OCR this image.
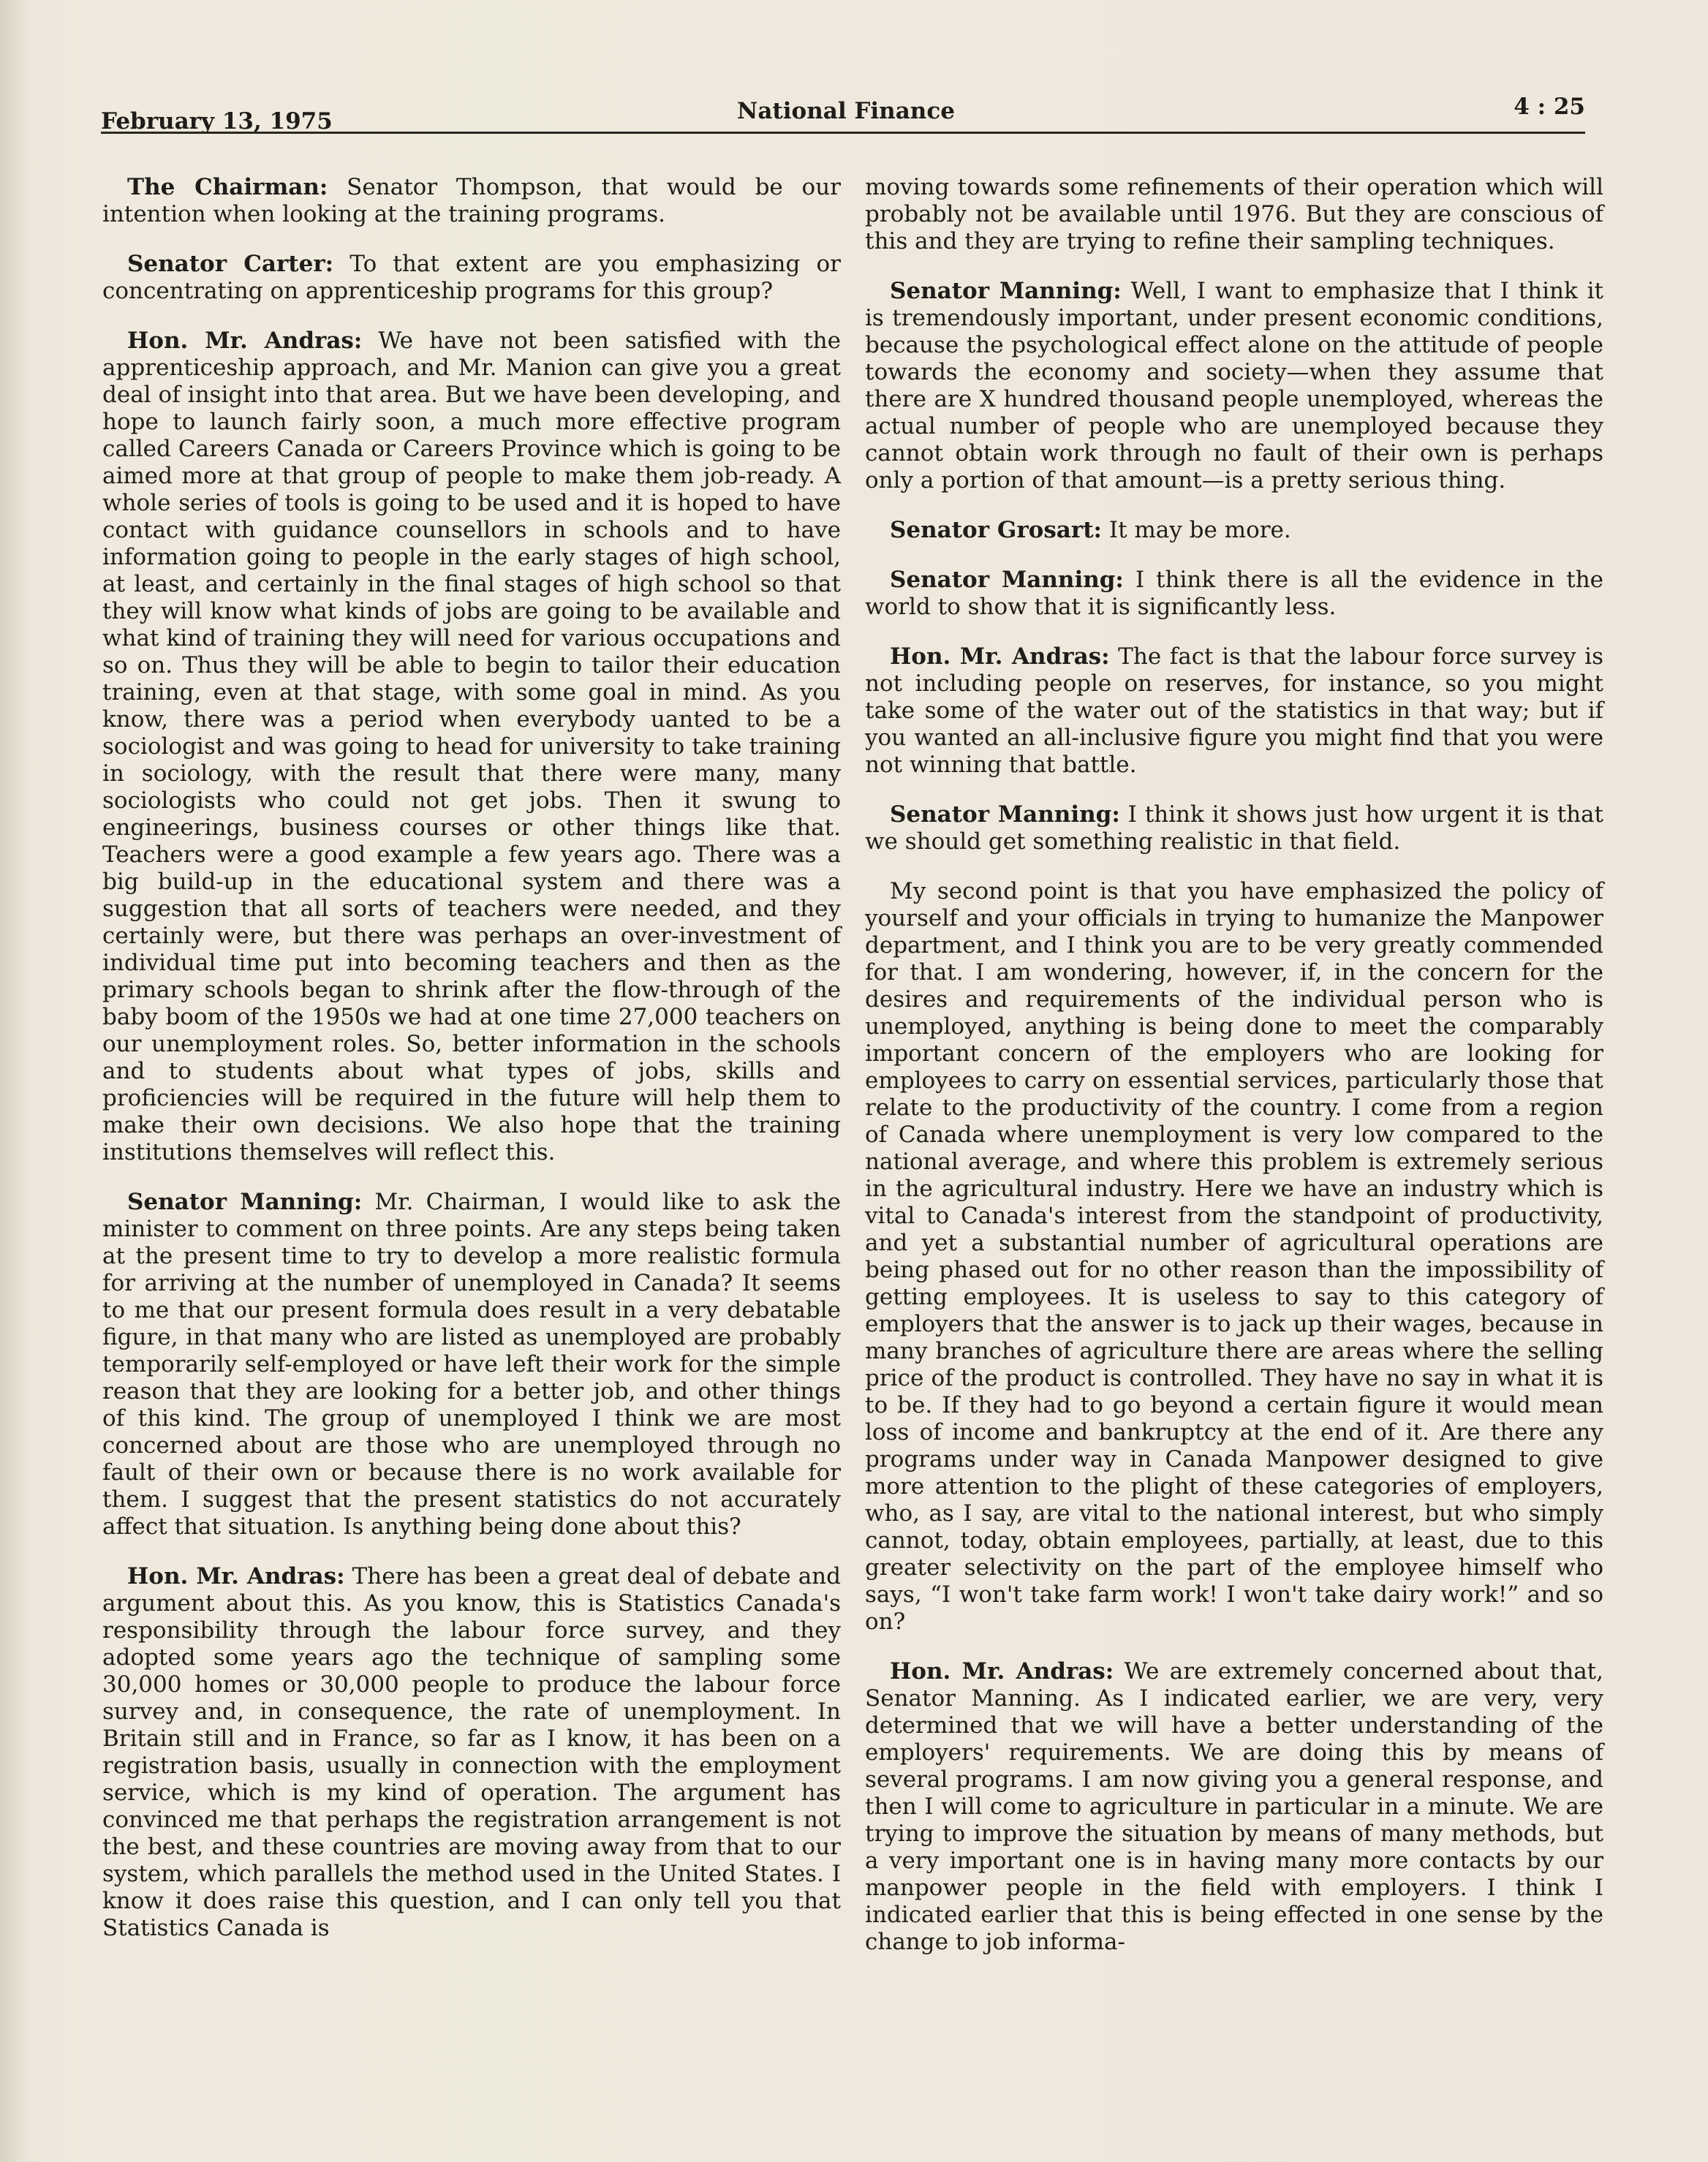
February 13, 1975	National Finance	4 : 25

The Chairman: Senator Thompson, that would be our intention when looking at the training programs.

Senator Carter: To that extent are you emphasizing or concentrating on apprenticeship programs for this group?

Hon. Mr. Andras: We have not been satisfied with the apprenticeship approach, and Mr. Manion can give you a great deal of insight into that area. But we have been developing, and hope to launch fairly soon, a much more effective program called Careers Canada or Careers Province which is going to be aimed more at that group of people to make them job-ready. A whole series of tools is going to be used and it is hoped to have contact with guidance counsellors in schools and to have information going to people in the early stages of high school, at least, and certainly in the final stages of high school so that they will know what kinds of jobs are going to be available and what kind of training they will need for various occupations and so on. Thus they will be able to begin to tailor their education training, even at that stage, with some goal in mind. As you know, there was a period when everybody uanted to be a sociologist and was going to head for university to take training in sociology, with the result that there were many, many sociologists who could not get jobs. Then it swung to engineerings, business courses or other things like that. Teachers were a good example a few years ago. There was a big build-up in the educational system and there was a suggestion that all sorts of teachers were needed, and they certainly were, but there was perhaps an over-investment of individual time put into becoming teachers and then as the primary schools began to shrink after the flow-through of the baby boom of the 1950s we had at one time 27,000 teachers on our unemployment roles. So, better information in the schools and to students about what types of jobs, skills and proficiencies will be required in the future will help them to make their own decisions. We also hope that the training institutions themselves will reflect this.

Senator Manning: Mr. Chairman, I would like to ask the minister to comment on three points. Are any steps being taken at the present time to try to develop a more realistic formula for arriving at the number of unemployed in Canada? It seems to me that our present formula does result in a very debatable figure, in that many who are listed as unemployed are probably temporarily self-employed or have left their work for the simple reason that they are looking for a better job, and other things of this kind. The group of unemployed I think we are most concerned about are those who are unemployed through no fault of their own or because there is no work available for them. I suggest that the present statistics do not accurately affect that situation. Is anything being done about this?

Hon. Mr. Andras: There has been a great deal of debate and argument about this. As you know, this is Statistics Canada's responsibility through the labour force survey, and they adopted some years ago the technique of sampling some 30,000 homes or 30,000 people to produce the labour force survey and, in consequence, the rate of unemployment. In Britain still and in France, so far as I know, it has been on a registration basis, usually in connection with the employment service, which is my kind of operation. The argument has convinced me that perhaps the registration arrangement is not the best, and these countries are moving away from that to our system, which parallels the method used in the United States. I know it does raise this question, and I can only tell you that Statistics Canada is

moving towards some refinements of their operation which will probably not be available until 1976. But they are conscious of this and they are trying to refine their sampling techniques.

Senator Manning: Well, I want to emphasize that I think it is tremendously important, under present economic conditions, because the psychological effect alone on the attitude of people towards the economy and society—when they assume that there are X hundred thousand people unemployed, whereas the actual number of people who are unemployed because they cannot obtain work through no fault of their own is perhaps only a portion of that amount—is a pretty serious thing.

Senator Grosart: It may be more.

Senator Manning: I think there is all the evidence in the world to show that it is significantly less.

Hon. Mr. Andras: The fact is that the labour force survey is not including people on reserves, for instance, so you might take some of the water out of the statistics in that way; but if you wanted an all-inclusive figure you might find that you were not winning that battle.

Senator Manning: I think it shows just how urgent it is that we should get something realistic in that field.

My second point is that you have emphasized the policy of yourself and your officials in trying to humanize the Manpower department, and I think you are to be very greatly commended for that. I am wondering, however, if, in the concern for the desires and requirements of the individual person who is unemployed, anything is being done to meet the comparably important concern of the employers who are looking for employees to carry on essential services, particularly those that relate to the productivity of the country. I come from a region of Canada where unemployment is very low compared to the national average, and where this problem is extremely serious in the agricultural industry. Here we have an industry which is vital to Canada's interest from the standpoint of productivity, and yet a substantial number of agricultural operations are being phased out for no other reason than the impossibility of getting employees. It is useless to say to this category of employers that the answer is to jack up their wages, because in many branches of agriculture there are areas where the selling price of the product is controlled. They have no say in what it is to be. If they had to go beyond a certain figure it would mean loss of income and bankruptcy at the end of it. Are there any programs under way in Canada Manpower designed to give more attention to the plight of these categories of employers, who, as I say, are vital to the national interest, but who simply cannot, today, obtain employees, partially, at least, due to this greater selectivity on the part of the employee himself who says, “I won't take farm work! I won't take dairy work!” and so on?

Hon. Mr. Andras: We are extremely concerned about that, Senator Manning. As I indicated earlier, we are very, very determined that we will have a better understanding of the employers' requirements. We are doing this by means of several programs. I am now giving you a general response, and then I will come to agriculture in particular in a minute. We are trying to improve the situation by means of many methods, but a very important one is in having many more contacts by our manpower people in the field with employers. I think I indicated earlier that this is being effected in one sense by the change to job informa-
